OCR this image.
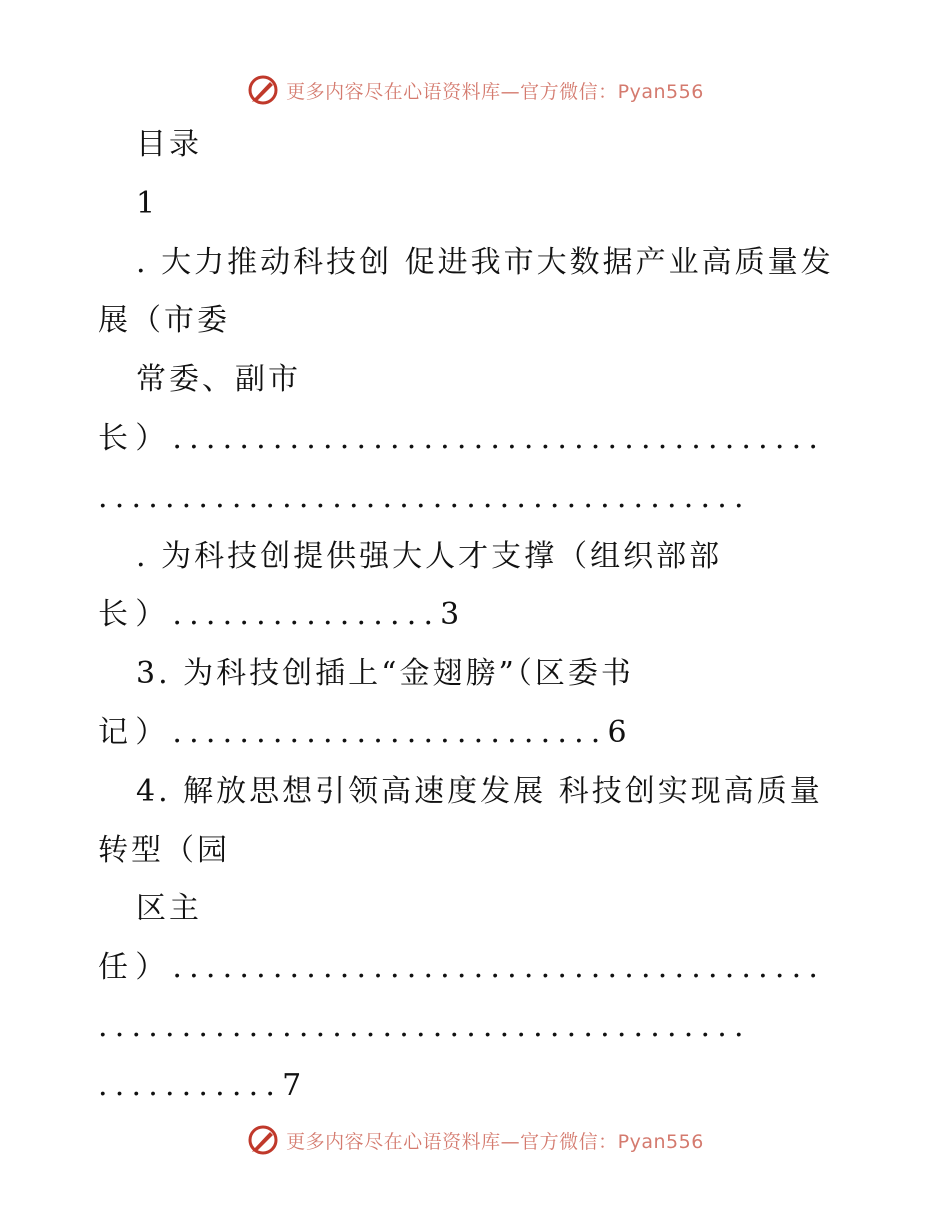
更多内容尽在心语资料库—官方微信：Pyan556
目录
1
. 大力推动科技创 促进我市大数据产业高质量发
展（市委
常委、副市
长）.......................................
.......................................
. 为科技创提供强大人才支撑（组织部部
长）................3
3. 为科技创插上“金翅膀”（区委书
记）..........................6
4. 解放思想引领高速度发展 科技创实现高质量
转型（园
区主
任）.......................................
.......................................
...........7
更多内容尽在心语资料库—官方微信：Pyan556
